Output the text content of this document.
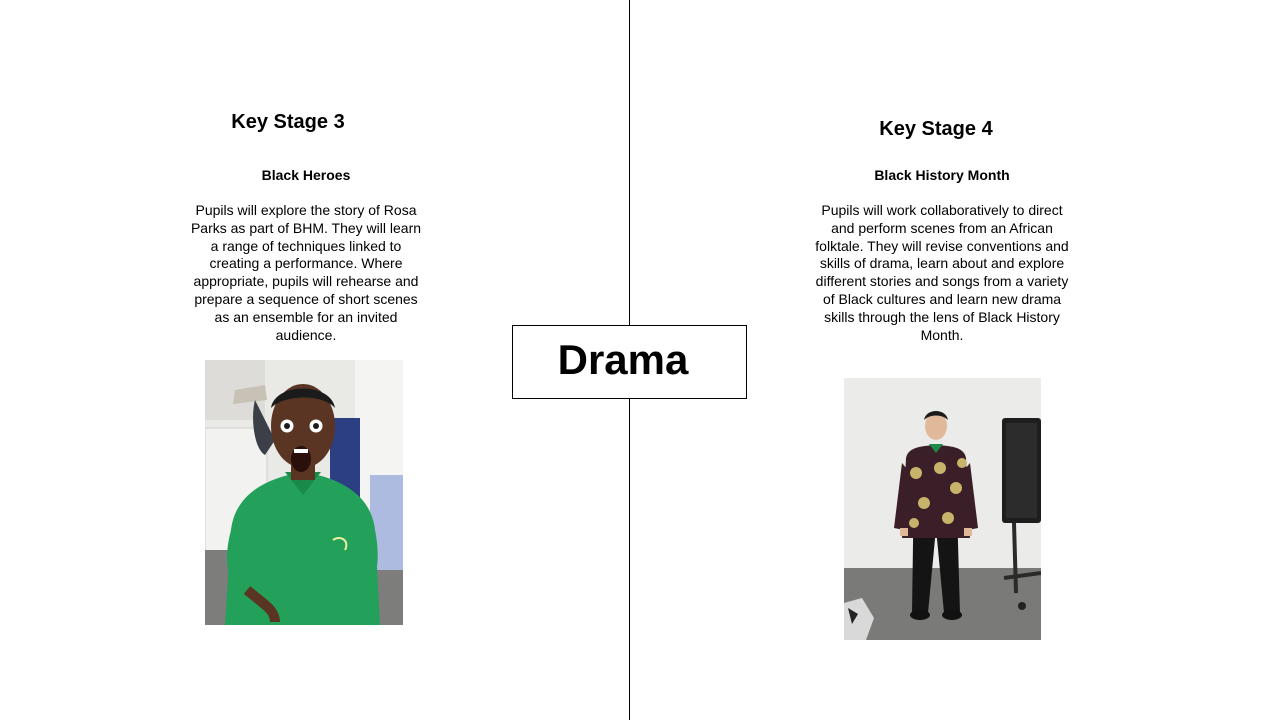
Key Stage 3
Black Heroes
Pupils will explore the story of Rosa Parks as part of BHM. They will learn a range of techniques linked to creating a performance. Where appropriate, pupils will rehearse and prepare a sequence of short scenes as an ensemble for an invited audience.
Drama
Key Stage 4
Black History Month
Pupils will work collaboratively to direct and perform scenes from an African folktale. They will revise conventions and skills of drama, learn about and explore different stories and songs from a variety of Black cultures and learn new drama skills through the lens of Black History Month.
